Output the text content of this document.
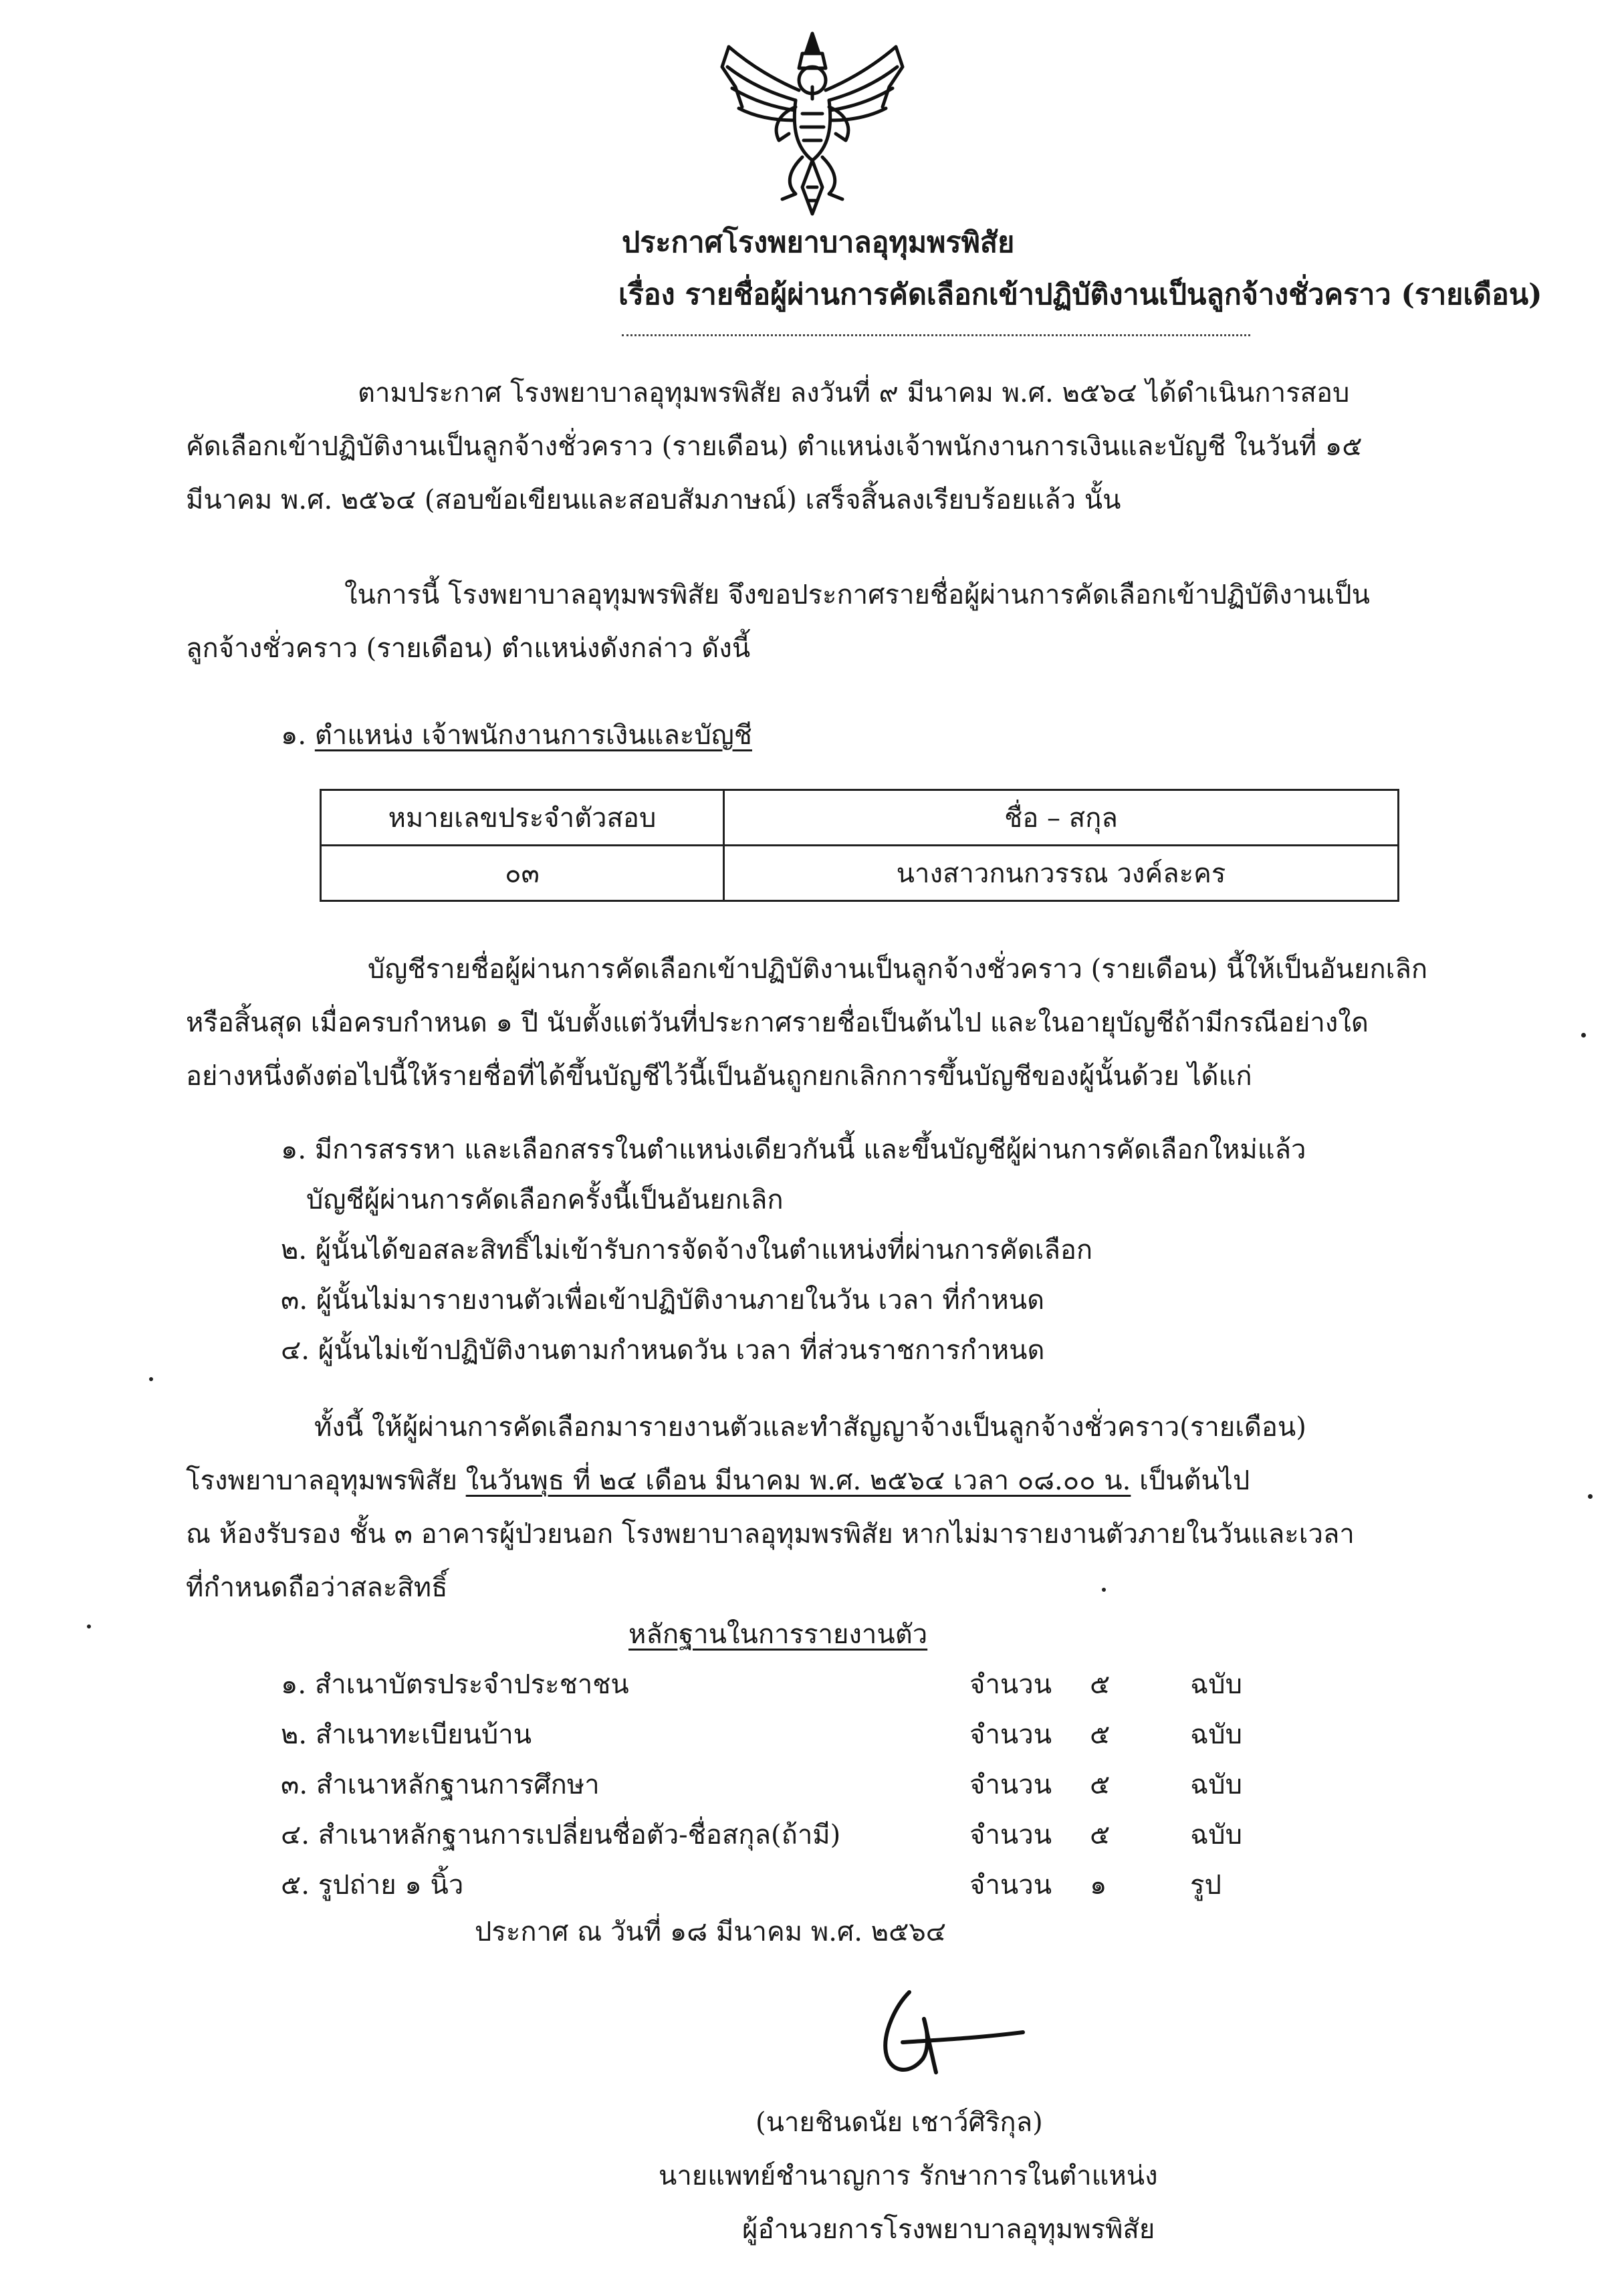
ประกาศโรงพยาบาลอุทุมพรพิสัย
เรื่อง รายชื่อผู้ผ่านการคัดเลือกเข้าปฏิบัติงานเป็นลูกจ้างชั่วคราว (รายเดือน)
ตามประกาศ โรงพยาบาลอุทุมพรพิสัย ลงวันที่ ๙ มีนาคม พ.ศ. ๒๕๖๔ ได้ดำเนินการสอบ
คัดเลือกเข้าปฏิบัติงานเป็นลูกจ้างชั่วคราว (รายเดือน) ตำแหน่งเจ้าพนักงานการเงินและบัญชี ในวันที่ ๑๕
มีนาคม พ.ศ. ๒๕๖๔ (สอบข้อเขียนและสอบสัมภาษณ์) เสร็จสิ้นลงเรียบร้อยแล้ว นั้น
ในการนี้ โรงพยาบาลอุทุมพรพิสัย จึงขอประกาศรายชื่อผู้ผ่านการคัดเลือกเข้าปฏิบัติงานเป็น
ลูกจ้างชั่วคราว (รายเดือน) ตำแหน่งดังกล่าว ดังนี้
๑. ตำแหน่ง เจ้าพนักงานการเงินและบัญชี
หมายเลขประจำตัวสอบ	ชื่อ – สกุล
๐๓	นางสาวกนกวรรณ วงค์ละคร
บัญชีรายชื่อผู้ผ่านการคัดเลือกเข้าปฏิบัติงานเป็นลูกจ้างชั่วคราว (รายเดือน) นี้ให้เป็นอันยกเลิก
หรือสิ้นสุด เมื่อครบกำหนด ๑ ปี นับตั้งแต่วันที่ประกาศรายชื่อเป็นต้นไป และในอายุบัญชีถ้ามีกรณีอย่างใด
อย่างหนึ่งดังต่อไปนี้ให้รายชื่อที่ได้ขึ้นบัญชีไว้นี้เป็นอันถูกยกเลิกการขึ้นบัญชีของผู้นั้นด้วย ได้แก่
๑. มีการสรรหา และเลือกสรรในตำแหน่งเดียวกันนี้ และขึ้นบัญชีผู้ผ่านการคัดเลือกใหม่แล้ว
บัญชีผู้ผ่านการคัดเลือกครั้งนี้เป็นอันยกเลิก
๒. ผู้นั้นได้ขอสละสิทธิ์ไม่เข้ารับการจัดจ้างในตำแหน่งที่ผ่านการคัดเลือก
๓. ผู้นั้นไม่มารายงานตัวเพื่อเข้าปฏิบัติงานภายในวัน เวลา ที่กำหนด
๔. ผู้นั้นไม่เข้าปฏิบัติงานตามกำหนดวัน เวลา ที่ส่วนราชการกำหนด
ทั้งนี้ ให้ผู้ผ่านการคัดเลือกมารายงานตัวและทำสัญญาจ้างเป็นลูกจ้างชั่วคราว(รายเดือน)
โรงพยาบาลอุทุมพรพิสัย ในวันพุธ ที่ ๒๔ เดือน มีนาคม พ.ศ. ๒๕๖๔ เวลา ๐๘.๐๐ น. เป็นต้นไป
ณ ห้องรับรอง ชั้น ๓ อาคารผู้ป่วยนอก โรงพยาบาลอุทุมพรพิสัย หากไม่มารายงานตัวภายในวันและเวลา
ที่กำหนดถือว่าสละสิทธิ์
หลักฐานในการรายงานตัว
๑. สำเนาบัตรประจำประชาชน	จำนวน ๕	ฉบับ
๒. สำเนาทะเบียนบ้าน	จำนวน ๕	ฉบับ
๓. สำเนาหลักฐานการศึกษา	จำนวน ๕	ฉบับ
๔. สำเนาหลักฐานการเปลี่ยนชื่อตัว-ชื่อสกุล(ถ้ามี)	จำนวน ๕	ฉบับ
๕. รูปถ่าย ๑ นิ้ว	จำนวน ๑	รูป
ประกาศ ณ วันที่ ๑๘ มีนาคม พ.ศ. ๒๕๖๔
(นายชินดนัย เชาว์ศิริกุล)
นายแพทย์ชำนาญการ รักษาการในตำแหน่ง
ผู้อำนวยการโรงพยาบาลอุทุมพรพิสัย
